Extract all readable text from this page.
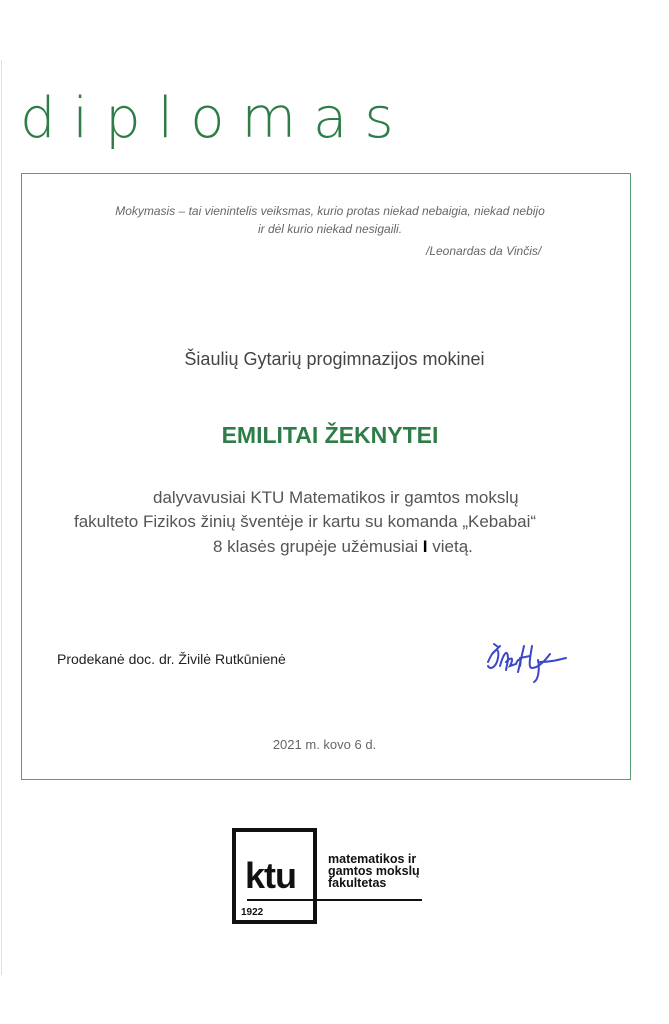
diplomas
Mokymasis – tai vienintelis veiksmas, kurio protas niekad nebaigia, niekad nebijo
ir dėl kurio niekad nesigaili.
/Leonardas da Vinčis/
Šiaulių Gytarių progimnazijos mokinei
EMILITAI ŽEKNYTEI
dalyvavusiai KTU Matematikos ir gamtos mokslų
fakulteto Fizikos žinių šventėje ir kartu su komanda „Kebabai“
8 klasės grupėje užėmusiai I vietą.
Prodekanė doc. dr. Živilė Rutkūnienė
2021 m. kovo 6 d.
ktu
1922
matematikos ir
gamtos mokslų
fakultetas
